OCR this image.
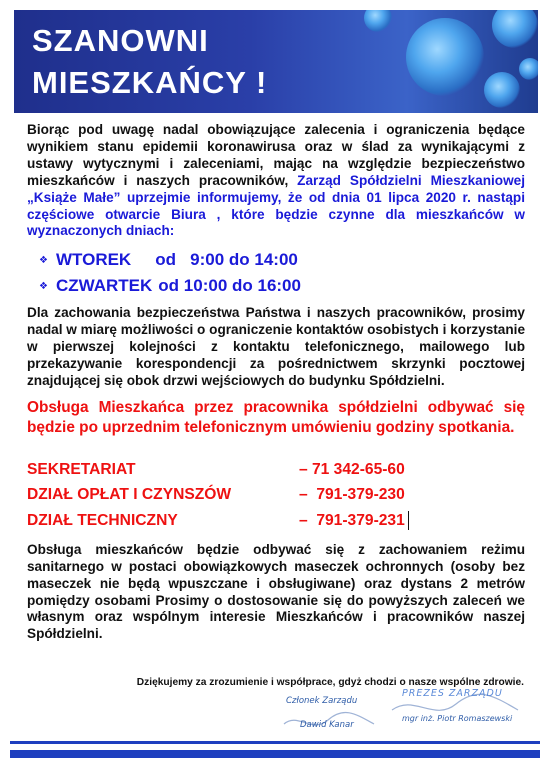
SZANOWNI
MIESZKAŃCY !

Biorąc pod uwagę nadal obowiązujące zalecenia i ograniczenia będące wynikiem stanu epidemii koronawirusa oraz w ślad za wynikającymi z ustawy wytycznymi i zaleceniami, mając na względzie bezpieczeństwo mieszkańców i naszych pracowników, Zarząd Spółdzielni Mieszkaniowej „Książe Małe” uprzejmie informujemy, że od dnia 01 lipca 2020 r. nastąpi częściowe otwarcie Biura , które będzie czynne dla mieszkańców w wyznaczonych dniach:

❖ WTOREK od   9:00 do 14:00
❖ CZWARTEK od 10:00 do 16:00

Dla zachowania bezpieczeństwa Państwa i naszych pracowników, prosimy nadal w miarę możliwości o ograniczenie kontaktów osobistych i korzystanie w pierwszej kolejności z kontaktu telefonicznego, mailowego lub przekazywanie korespondencji za pośrednictwem skrzynki pocztowej znajdującej się obok drzwi wejściowych do budynku Spółdzielni.

Obsługa Mieszkańca przez pracownika spółdzielni odbywać się będzie po uprzednim telefonicznym umówieniu godziny spotkania.

SEKRETARIAT	– 71 342-65-60
DZIAŁ OPŁAT I CZYNSZÓW	–  791-379-230
DZIAŁ TECHNICZNY	–  791-379-231

Obsługa mieszkańców będzie odbywać się z zachowaniem reżimu sanitarnego w postaci obowiązkowych maseczek ochronnych (osoby bez maseczek nie będą wpuszczane i obsługiwane) oraz dystans 2 metrów pomiędzy osobami Prosimy o dostosowanie się do powyższych zaleceń we własnym oraz wspólnym interesie Mieszkańców i pracowników naszej Spółdzielni.

Dziękujemy za zrozumienie i współprace, gdyż chodzi o nasze wspólne zdrowie.
Członek Zarządu
Dawid Kanar
PREZES ZARZĄDU
mgr inż. Piotr Romaszewski
